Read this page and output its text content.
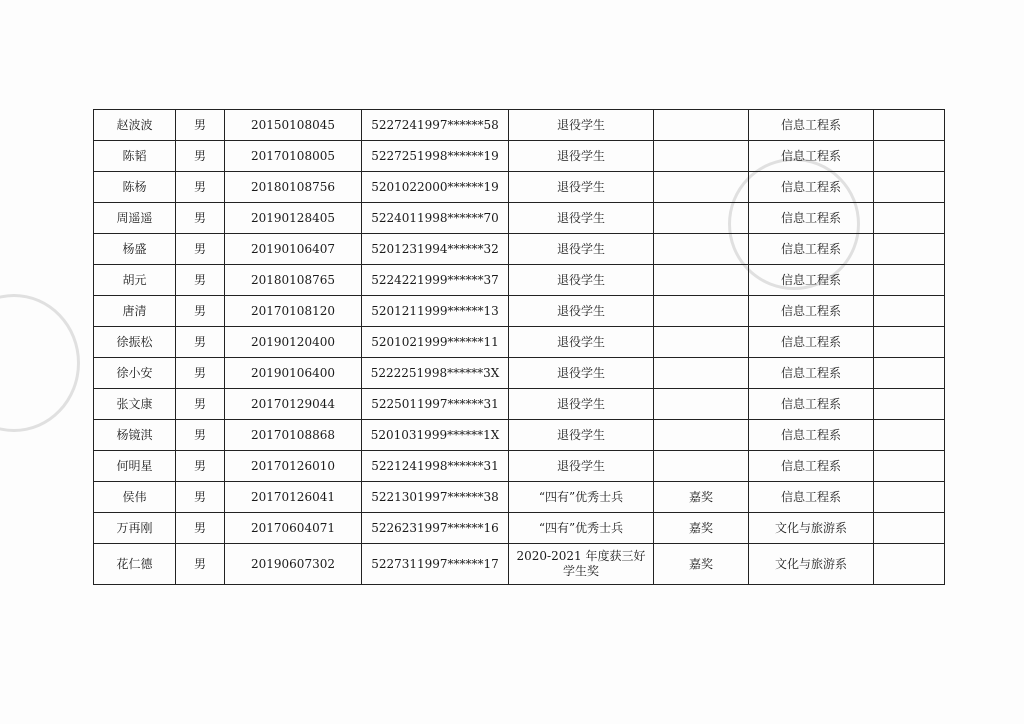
赵波波	男	20150108045	5227241997******58	退役学生		信息工程系	
陈韬	男	20170108005	5227251998******19	退役学生		信息工程系	
陈杨	男	20180108756	5201022000******19	退役学生		信息工程系	
周遥遥	男	20190128405	5224011998******70	退役学生		信息工程系	
杨盛	男	20190106407	5201231994******32	退役学生		信息工程系	
胡元	男	20180108765	5224221999******37	退役学生		信息工程系	
唐清	男	20170108120	5201211999******13	退役学生		信息工程系	
徐振松	男	20190120400	5201021999******11	退役学生		信息工程系	
徐小安	男	20190106400	5222251998******3X	退役学生		信息工程系	
张文康	男	20170129044	5225011997******31	退役学生		信息工程系	
杨镜淇	男	20170108868	5201031999******1X	退役学生		信息工程系	
何明星	男	20170126010	5221241998******31	退役学生		信息工程系	
侯伟	男	20170126041	5221301997******38	“四有”优秀士兵	嘉奖	信息工程系	
万再刚	男	20170604071	5226231997******16	“四有”优秀士兵	嘉奖	文化与旅游系	
花仁德	男	20190607302	5227311997******17	2020-2021 年度获三好学生奖	嘉奖	文化与旅游系	
